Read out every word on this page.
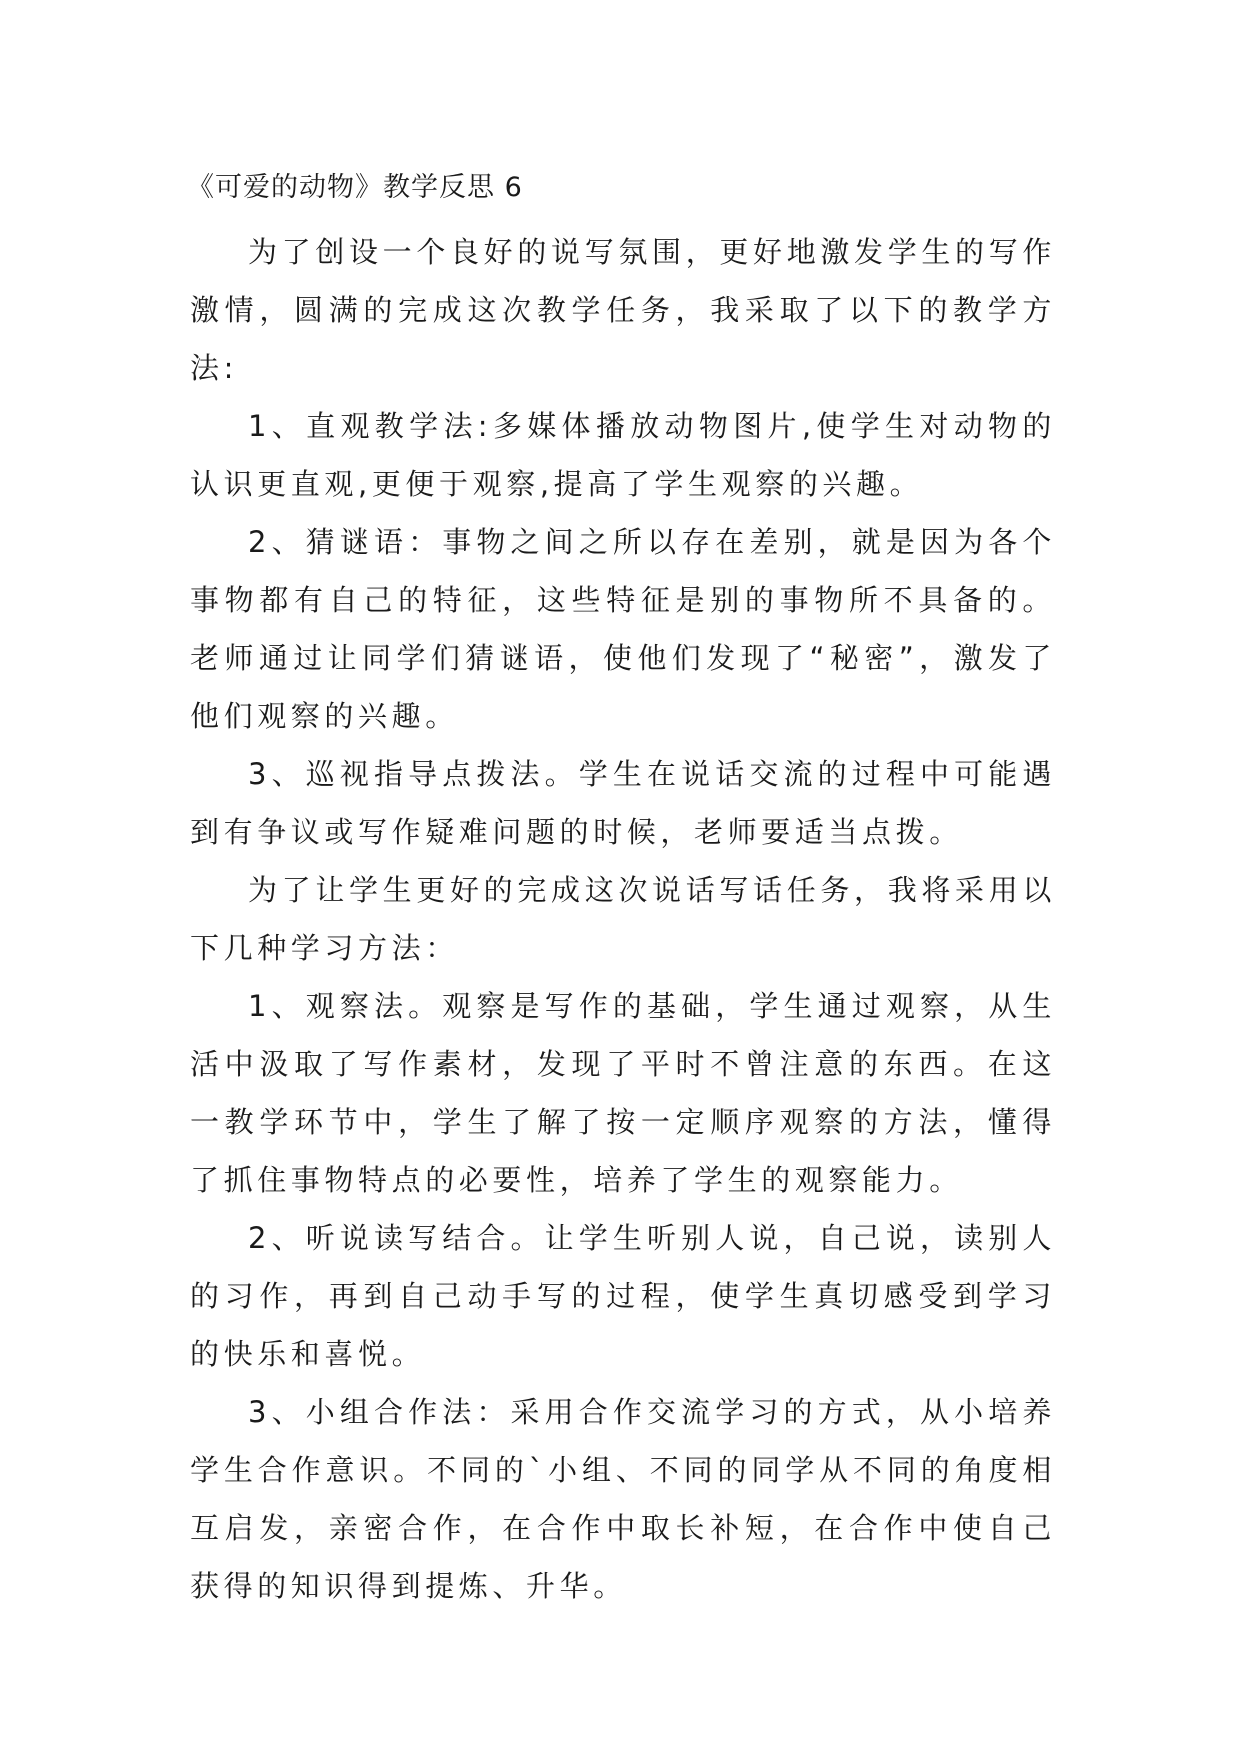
《可爱的动物》教学反思 6

为了创设一个良好的说写氛围，更好地激发学生的写作激情，圆满的完成这次教学任务，我采取了以下的教学方法:

1、直观教学法:多媒体播放动物图片,使学生对动物的认识更直观,更便于观察,提高了学生观察的兴趣。

2、猜谜语：事物之间之所以存在差别，就是因为各个事物都有自己的特征，这些特征是别的事物所不具备的。老师通过让同学们猜谜语，使他们发现了“秘密”，激发了他们观察的兴趣。

3、巡视指导点拨法。学生在说话交流的过程中可能遇到有争议或写作疑难问题的时候，老师要适当点拨。

为了让学生更好的完成这次说话写话任务，我将采用以下几种学习方法：

1、观察法。观察是写作的基础，学生通过观察，从生活中汲取了写作素材，发现了平时不曾注意的东西。在这一教学环节中，学生了解了按一定顺序观察的方法，懂得了抓住事物特点的必要性，培养了学生的观察能力。

2、听说读写结合。让学生听别人说，自己说，读别人的习作，再到自己动手写的过程，使学生真切感受到学习的快乐和喜悦。

3、小组合作法：采用合作交流学习的方式，从小培养学生合作意识。不同的`小组、不同的同学从不同的角度相互启发，亲密合作，在合作中取长补短，在合作中使自己获得的知识得到提炼、升华。
